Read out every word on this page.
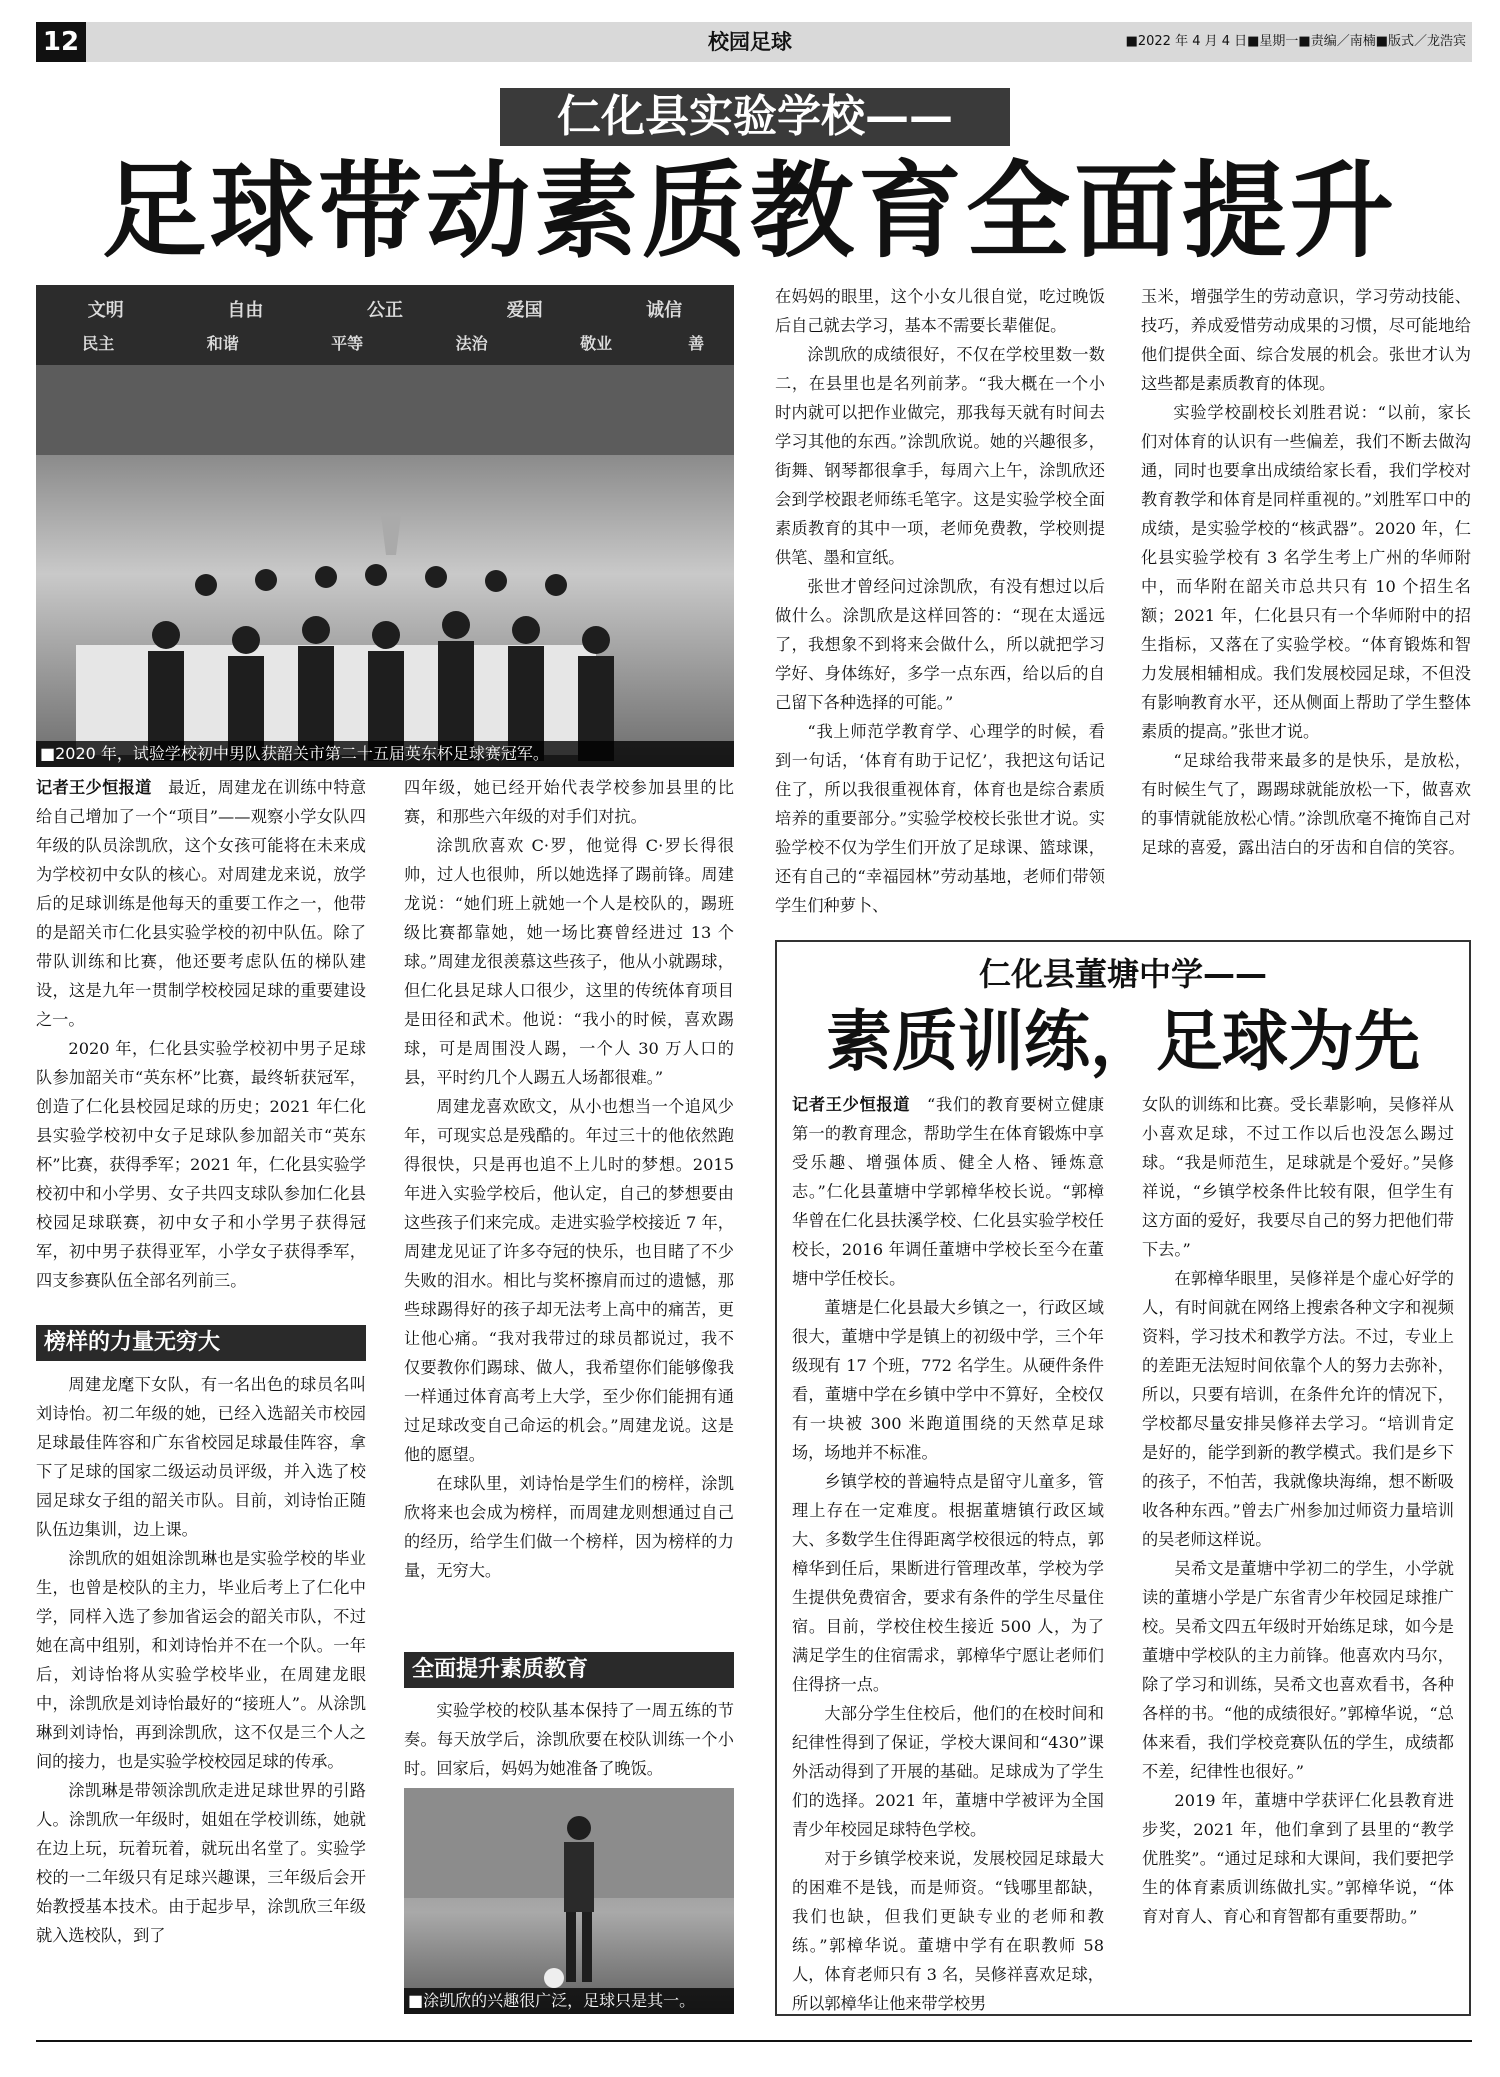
12	校园足球	■2022 年 4 月 4 日■星期一■责编／南楠■版式／龙浩宾
仁化县实验学校——
足球带动素质教育全面提升
文明	自由	公正	爱国	诚信
民主	和谐	平等	法治	敬业	善
■2020 年，试验学校初中男队获韶关市第二十五届英东杯足球赛冠军。

记者王少恒报道　 最近，周建龙在训练中特意给自己增加了一个“项目”——观察小学女队四年级的队员涂凯欣，这个女孩可能将在未来成为学校初中女队的核心。对周建龙来说，放学后的足球训练是他每天的重要工作之一，他带的是韶关市仁化县实验学校的初中队伍。除了带队训练和比赛，他还要考虑队伍的梯队建设，这是九年一贯制学校校园足球的重要建设之一。

2020 年，仁化县实验学校初中男子足球队参加韶关市“英东杯”比赛，最终斩获冠军，创造了仁化县校园足球的历史；2021 年仁化县实验学校初中女子足球队参加韶关市“英东杯”比赛，获得季军；2021 年，仁化县实验学校初中和小学男、女子共四支球队参加仁化县校园足球联赛，初中女子和小学男子获得冠军，初中男子获得亚军，小学女子获得季军，四支参赛队伍全部名列前三。

榜样的力量无穷大

周建龙麾下女队，有一名出色的球员名叫刘诗怡。初二年级的她，已经入选韶关市校园足球最佳阵容和广东省校园足球最佳阵容，拿下了足球的国家二级运动员评级，并入选了校园足球女子组的韶关市队。目前，刘诗怡正随队伍边集训，边上课。

涂凯欣的姐姐涂凯琳也是实验学校的毕业生，也曾是校队的主力，毕业后考上了仁化中学，同样入选了参加省运会的韶关市队，不过她在高中组别，和刘诗怡并不在一个队。一年后，刘诗怡将从实验学校毕业，在周建龙眼中，涂凯欣是刘诗怡最好的“接班人”。从涂凯琳到刘诗怡，再到涂凯欣，这不仅是三个人之间的接力，也是实验学校校园足球的传承。

涂凯琳是带领涂凯欣走进足球世界的引路人。涂凯欣一年级时，姐姐在学校训练，她就在边上玩，玩着玩着，就玩出名堂了。实验学校的一二年级只有足球兴趣课，三年级后会开始教授基本技术。由于起步早，涂凯欣三年级就入选校队，到了

四年级，她已经开始代表学校参加县里的比赛，和那些六年级的对手们对抗。

涂凯欣喜欢 C·罗，他觉得 C·罗长得很帅，过人也很帅，所以她选择了踢前锋。周建龙说：“她们班上就她一个人是校队的，踢班级比赛都靠她，她一场比赛曾经进过 13 个球。”周建龙很羡慕这些孩子，他从小就踢球，但仁化县足球人口很少，这里的传统体育项目是田径和武术。他说：“我小的时候，喜欢踢球，可是周围没人踢，一个人 30 万人口的县，平时约几个人踢五人场都很难。”

周建龙喜欢欧文，从小也想当一个追风少年，可现实总是残酷的。年过三十的他依然跑得很快，只是再也追不上儿时的梦想。2015 年进入实验学校后，他认定，自己的梦想要由这些孩子们来完成。走进实验学校接近 7 年，周建龙见证了许多夺冠的快乐，也目睹了不少失败的泪水。相比与奖杯擦肩而过的遗憾，那些球踢得好的孩子却无法考上高中的痛苦，更让他心痛。“我对我带过的球员都说过，我不仅要教你们踢球、做人，我希望你们能够像我一样通过体育高考上大学，至少你们能拥有通过足球改变自己命运的机会。”周建龙说。这是他的愿望。

在球队里，刘诗怡是学生们的榜样，涂凯欣将来也会成为榜样，而周建龙则想通过自己的经历，给学生们做一个榜样，因为榜样的力量，无穷大。

全面提升素质教育

实验学校的校队基本保持了一周五练的节奏。每天放学后，涂凯欣要在校队训练一个小时。回家后，妈妈为她准备了晚饭。

■涂凯欣的兴趣很广泛，足球只是其一。

在妈妈的眼里，这个小女儿很自觉，吃过晚饭后自己就去学习，基本不需要长辈催促。

涂凯欣的成绩很好，不仅在学校里数一数二，在县里也是名列前茅。“我大概在一个小时内就可以把作业做完，那我每天就有时间去学习其他的东西。”涂凯欣说。她的兴趣很多，街舞、钢琴都很拿手，每周六上午，涂凯欣还会到学校跟老师练毛笔字。这是实验学校全面素质教育的其中一项，老师免费教，学校则提供笔、墨和宣纸。

张世才曾经问过涂凯欣，有没有想过以后做什么。涂凯欣是这样回答的：“现在太遥远了，我想象不到将来会做什么，所以就把学习学好、身体练好，多学一点东西，给以后的自己留下各种选择的可能。”

“我上师范学教育学、心理学的时候，看到一句话，‘体育有助于记忆’，我把这句话记住了，所以我很重视体育，体育也是综合素质培养的重要部分。”实验学校校长张世才说。实验学校不仅为学生们开放了足球课、篮球课，还有自己的“幸福园林”劳动基地，老师们带领学生们种萝卜、

玉米，增强学生的劳动意识，学习劳动技能、技巧，养成爱惜劳动成果的习惯，尽可能地给他们提供全面、综合发展的机会。张世才认为这些都是素质教育的体现。

实验学校副校长刘胜君说：“以前，家长们对体育的认识有一些偏差，我们不断去做沟通，同时也要拿出成绩给家长看，我们学校对教育教学和体育是同样重视的。”刘胜军口中的成绩，是实验学校的“核武器”。2020 年，仁化县实验学校有 3 名学生考上广州的华师附中，而华附在韶关市总共只有 10 个招生名额；2021 年，仁化县只有一个华师附中的招生指标，又落在了实验学校。“体育锻炼和智力发展相辅相成。我们发展校园足球，不但没有影响教育水平，还从侧面上帮助了学生整体素质的提高。”张世才说。

“足球给我带来最多的是快乐，是放松，有时候生气了，踢踢球就能放松一下，做喜欢的事情就能放松心情。”涂凯欣毫不掩饰自己对足球的喜爱，露出洁白的牙齿和自信的笑容。

仁化县董塘中学——
素质训练，足球为先

记者王少恒报道　 “我们的教育要树立健康第一的教育理念，帮助学生在体育锻炼中享受乐趣、增强体质、健全人格、锤炼意志。”仁化县董塘中学郭樟华校长说。“郭樟华曾在仁化县扶溪学校、仁化县实验学校任校长，2016 年调任董塘中学校长至今在董塘中学任校长。

董塘是仁化县最大乡镇之一，行政区域很大，董塘中学是镇上的初级中学，三个年级现有 17 个班，772 名学生。从硬件条件看，董塘中学在乡镇中学中不算好，全校仅有一块被 300 米跑道围绕的天然草足球场，场地并不标准。

乡镇学校的普遍特点是留守儿童多，管理上存在一定难度。根据董塘镇行政区域大、多数学生住得距离学校很远的特点，郭樟华到任后，果断进行管理改革，学校为学生提供免费宿舍，要求有条件的学生尽量住宿。目前，学校住校生接近 500 人，为了满足学生的住宿需求，郭樟华宁愿让老师们住得挤一点。

大部分学生住校后，他们的在校时间和纪律性得到了保证，学校大课间和“430”课外活动得到了开展的基础。足球成为了学生们的选择。2021 年，董塘中学被评为全国青少年校园足球特色学校。

对于乡镇学校来说，发展校园足球最大的困难不是钱，而是师资。“钱哪里都缺，我们也缺，但我们更缺专业的老师和教练。”郭樟华说。董塘中学有在职教师 58 人，体育老师只有 3 名，吴修祥喜欢足球，所以郭樟华让他来带学校男

女队的训练和比赛。受长辈影响，吴修祥从小喜欢足球，不过工作以后也没怎么踢过球。“我是师范生，足球就是个爱好。”吴修祥说，“乡镇学校条件比较有限，但学生有这方面的爱好，我要尽自己的努力把他们带下去。”

在郭樟华眼里，吴修祥是个虚心好学的人，有时间就在网络上搜索各种文字和视频资料，学习技术和教学方法。不过，专业上的差距无法短时间依靠个人的努力去弥补，所以，只要有培训，在条件允许的情况下，学校都尽量安排吴修祥去学习。“培训肯定是好的，能学到新的教学模式。我们是乡下的孩子，不怕苦，我就像块海绵，想不断吸收各种东西。”曾去广州参加过师资力量培训的吴老师这样说。

吴希文是董塘中学初二的学生，小学就读的董塘小学是广东省青少年校园足球推广校。吴希文四五年级时开始练足球，如今是董塘中学校队的主力前锋。他喜欢内马尔，除了学习和训练，吴希文也喜欢看书，各种各样的书。“他的成绩很好。”郭樟华说，“总体来看，我们学校竞赛队伍的学生，成绩都不差，纪律性也很好。”

2019 年，董塘中学获评仁化县教育进步奖，2021 年，他们拿到了县里的“教学优胜奖”。“通过足球和大课间，我们要把学生的体育素质训练做扎实。”郭樟华说，“体育对育人、育心和育智都有重要帮助。”
